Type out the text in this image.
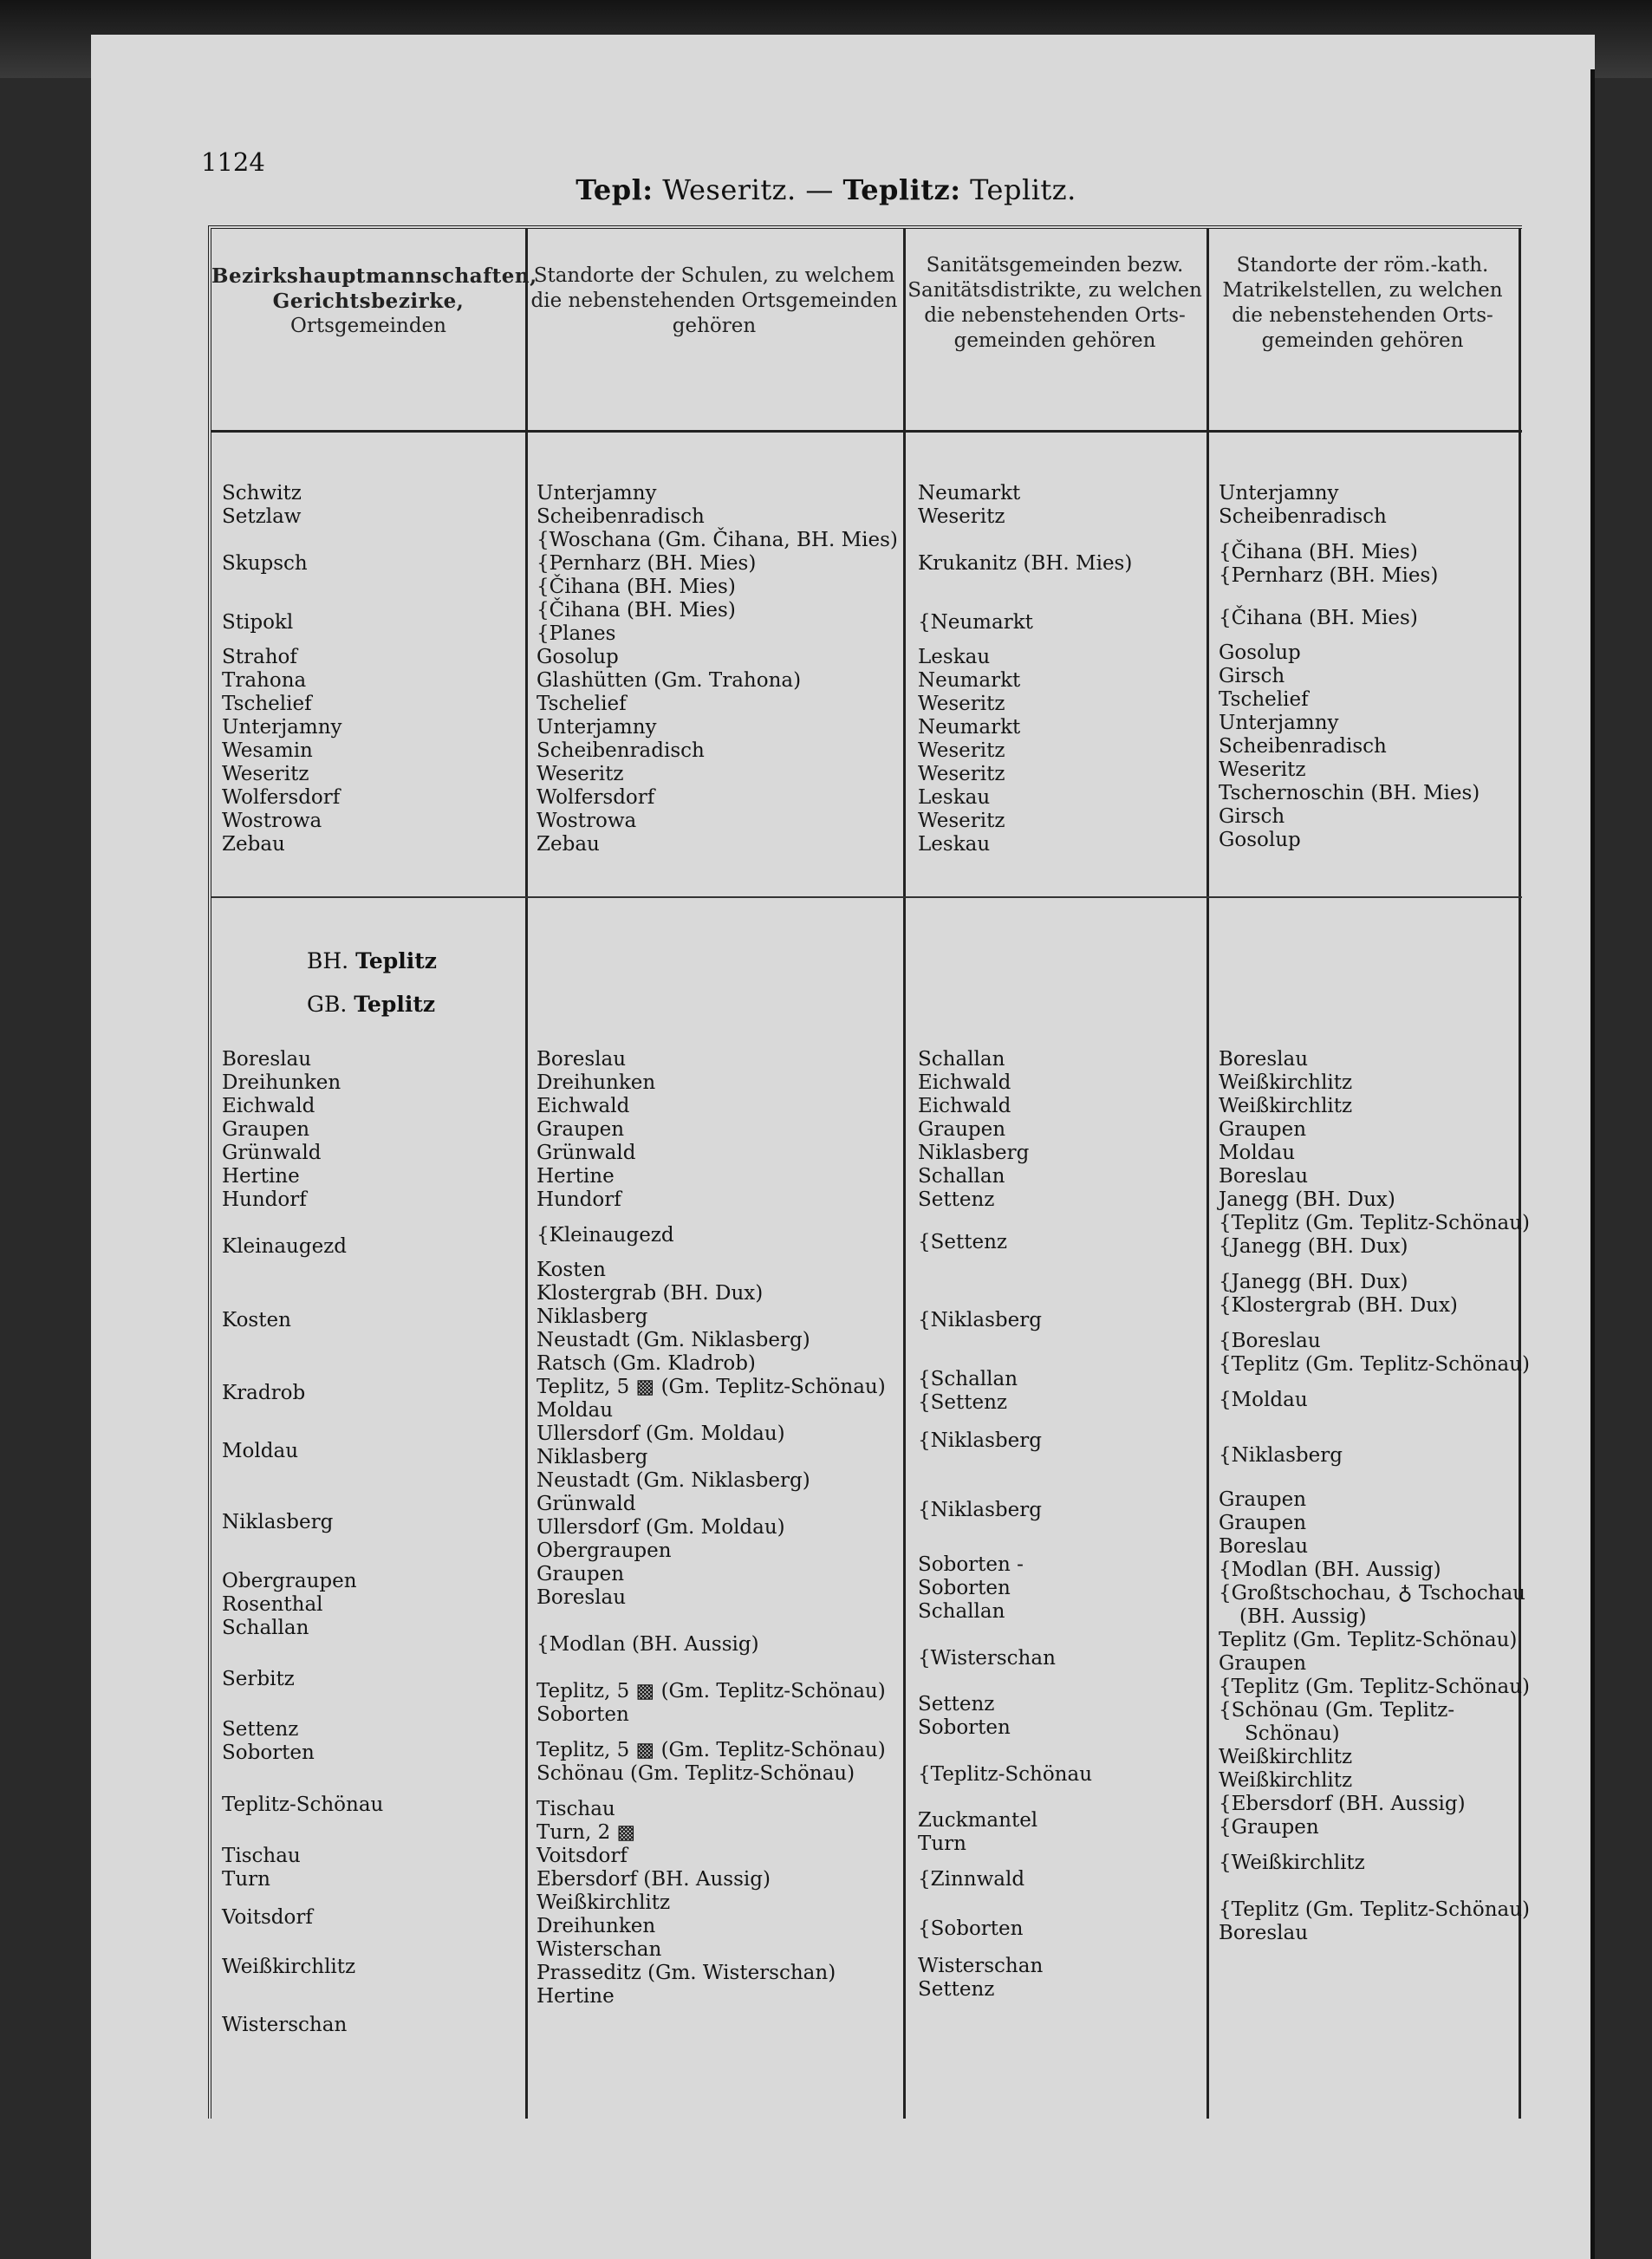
1124
Tepl: Weseritz. — Teplitz: Teplitz.
Bezirkshauptmannschaften,
Gerichtsbezirke,
Ortsgemeinden
Standorte der Schulen, zu welchem
die nebenstehenden Ortsgemeinden
gehören
Sanitätsgemeinden bezw.
Sanitätsdistrikte, zu welchen
die nebenstehenden Orts-
gemeinden gehören
Standorte der röm.-kath.
Matrikelstellen, zu welchen
die nebenstehenden Orts-
gemeinden gehören
Schwitz
Setzlaw
Skupsch
Stipokl
Strahof
Trahona
Tschelief
Unterjamny
Wesamin
Weseritz
Wolfersdorf
Wostrowa
Zebau
Unterjamny
Scheibenradisch
{Woschana (Gm. Čihana, BH. Mies)
{Pernharz (BH. Mies)
{Čihana (BH. Mies)
{Čihana (BH. Mies)
{Planes
Gosolup
Glashütten (Gm. Trahona)
Tschelief
Unterjamny
Scheibenradisch
Weseritz
Wolfersdorf
Wostrowa
Zebau
Neumarkt
Weseritz
Krukanitz (BH. Mies)
{Neumarkt
Leskau
Neumarkt
Weseritz
Neumarkt
Weseritz
Weseritz
Leskau
Weseritz
Leskau
Unterjamny
Scheibenradisch
{Čihana (BH. Mies)
{Pernharz (BH. Mies)
{Čihana (BH. Mies)
Gosolup
Girsch
Tschelief
Unterjamny
Scheibenradisch
Weseritz
Tschernoschin (BH. Mies)
Girsch
Gosolup
BH. Teplitz
GB. Teplitz
Boreslau
Dreihunken
Eichwald
Graupen
Grünwald
Hertine
Hundorf
Kleinaugezd
Kosten
Kradrob
Moldau
Niklasberg
Obergraupen
Rosenthal
Schallan
Serbitz
Settenz
Soborten
Teplitz-Schönau
Tischau
Turn
Voitsdorf
Weißkirchlitz
Wisterschan
Boreslau
Dreihunken
Eichwald
Graupen
Grünwald
Hertine
Hundorf
{Kleinaugezd
Kosten
Klostergrab (BH. Dux)
Niklasberg
Neustadt (Gm. Niklasberg)
Ratsch (Gm. Kladrob)
Teplitz, 5 ▩ (Gm. Teplitz-Schönau)
Moldau
Ullersdorf (Gm. Moldau)
Niklasberg
Neustadt (Gm. Niklasberg)
Grünwald
Ullersdorf (Gm. Moldau)
Obergraupen
Graupen
Boreslau
{Modlan (BH. Aussig)
Teplitz, 5 ▩ (Gm. Teplitz-Schönau)
Soborten
Teplitz, 5 ▩ (Gm. Teplitz-Schönau)
Schönau (Gm. Teplitz-Schönau)
Tischau
Turn, 2 ▩
Voitsdorf
Ebersdorf (BH. Aussig)
Weißkirchlitz
Dreihunken
Wisterschan
Prasseditz (Gm. Wisterschan)
Hertine
Schallan
Eichwald
Eichwald
Graupen
Niklasberg
Schallan
Settenz
{Settenz
{Niklasberg
{Schallan
{Settenz
{Niklasberg
{Niklasberg
Soborten -
Soborten
Schallan
{Wisterschan
Settenz
Soborten
{Teplitz-Schönau
Zuckmantel
Turn
{Zinnwald
{Soborten
Wisterschan
Settenz
Boreslau
Weißkirchlitz
Weißkirchlitz
Graupen
Moldau
Boreslau
Janegg (BH. Dux)
{Teplitz (Gm. Teplitz-Schönau)
{Janegg (BH. Dux)
{Janegg (BH. Dux)
{Klostergrab (BH. Dux)
{Boreslau
{Teplitz (Gm. Teplitz-Schönau)
{Moldau
{Niklasberg
Graupen
Graupen
Boreslau
{Modlan (BH. Aussig)
{Großtschochau, ♁ Tschochau
(BH. Aussig)
Teplitz (Gm. Teplitz-Schönau)
Graupen
{Teplitz (Gm. Teplitz-Schönau)
{Schönau (Gm. Teplitz-
Schönau)
Weißkirchlitz
Weißkirchlitz
{Ebersdorf (BH. Aussig)
{Graupen
{Weißkirchlitz
{Teplitz (Gm. Teplitz-Schönau)
Boreslau
